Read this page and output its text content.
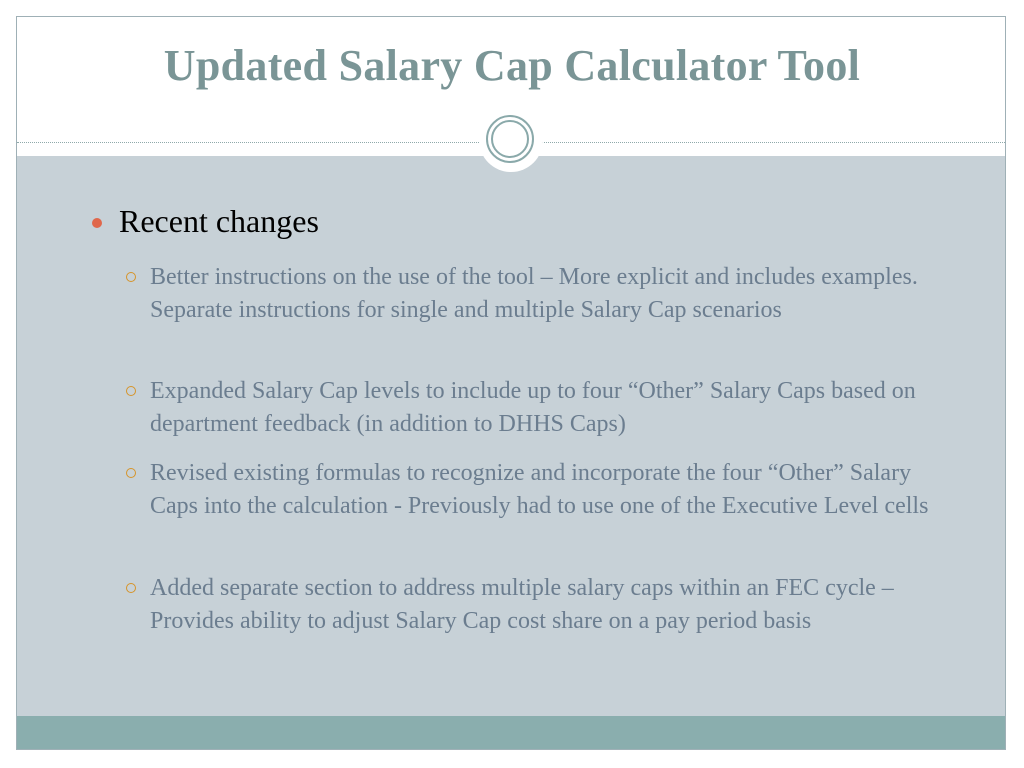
Updated Salary Cap Calculator Tool

Recent changes

Better instructions on the use of the tool – More explicit and includes examples. Separate instructions for single and multiple Salary Cap scenarios

Expanded Salary Cap levels to include up to four “Other” Salary Caps based on department feedback (in addition to DHHS Caps)

Revised existing formulas to recognize and incorporate the four “Other” Salary Caps into the calculation - Previously had to use one of the Executive Level cells

Added separate section to address multiple salary caps within an FEC cycle – Provides ability to adjust Salary Cap cost share on a pay period basis
